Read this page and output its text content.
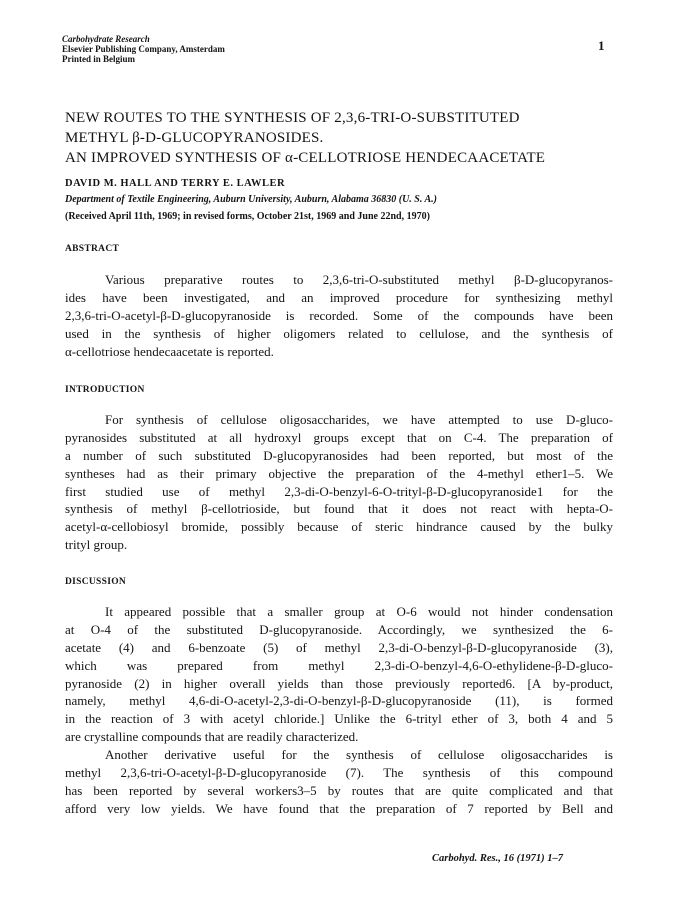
Carbohydrate Research
Elsevier Publishing Company, Amsterdam
Printed in Belgium
1
NEW ROUTES TO THE SYNTHESIS OF 2,3,6-TRI-O-SUBSTITUTED
METHYL β-D-GLUCOPYRANOSIDES.
AN IMPROVED SYNTHESIS OF α-CELLOTRIOSE HENDECAACETATE
DAVID M. HALL AND TERRY E. LAWLER
Department of Textile Engineering, Auburn University, Auburn, Alabama 36830 (U. S. A.)
(Received April 11th, 1969; in revised forms, October 21st, 1969 and June 22nd, 1970)
ABSTRACT
Various preparative routes to 2,3,6-tri-O-substituted methyl β-D-glucopyranos-
ides have been investigated, and an improved procedure for synthesizing methyl
2,3,6-tri-O-acetyl-β-D-glucopyranoside is recorded. Some of the compounds have been
used in the synthesis of higher oligomers related to cellulose, and the synthesis of
α-cellotriose hendecaacetate is reported.
INTRODUCTION
For synthesis of cellulose oligosaccharides, we have attempted to use D-gluco-
pyranosides substituted at all hydroxyl groups except that on C-4. The preparation of
a number of such substituted D-glucopyranosides had been reported, but most of the
syntheses had as their primary objective the preparation of the 4-methyl ether1–5. We
first studied use of methyl 2,3-di-O-benzyl-6-O-trityl-β-D-glucopyranoside1 for the
synthesis of methyl β-cellotrioside, but found that it does not react with hepta-O-
acetyl-α-cellobiosyl bromide, possibly because of steric hindrance caused by the bulky
trityl group.
DISCUSSION
It appeared possible that a smaller group at O-6 would not hinder condensation
at O-4 of the substituted D-glucopyranoside. Accordingly, we synthesized the 6-
acetate (4) and 6-benzoate (5) of methyl 2,3-di-O-benzyl-β-D-glucopyranoside (3),
which was prepared from methyl 2,3-di-O-benzyl-4,6-O-ethylidene-β-D-gluco-
pyranoside (2) in higher overall yields than those previously reported6. [A by-product,
namely, methyl 4,6-di-O-acetyl-2,3-di-O-benzyl-β-D-glucopyranoside (11), is formed
in the reaction of 3 with acetyl chloride.] Unlike the 6-trityl ether of 3, both 4 and 5
are crystalline compounds that are readily characterized.
Another derivative useful for the synthesis of cellulose oligosaccharides is
methyl 2,3,6-tri-O-acetyl-β-D-glucopyranoside (7). The synthesis of this compound
has been reported by several workers3–5 by routes that are quite complicated and that
afford very low yields. We have found that the preparation of 7 reported by Bell and
Carbohyd. Res., 16 (1971) 1–7
